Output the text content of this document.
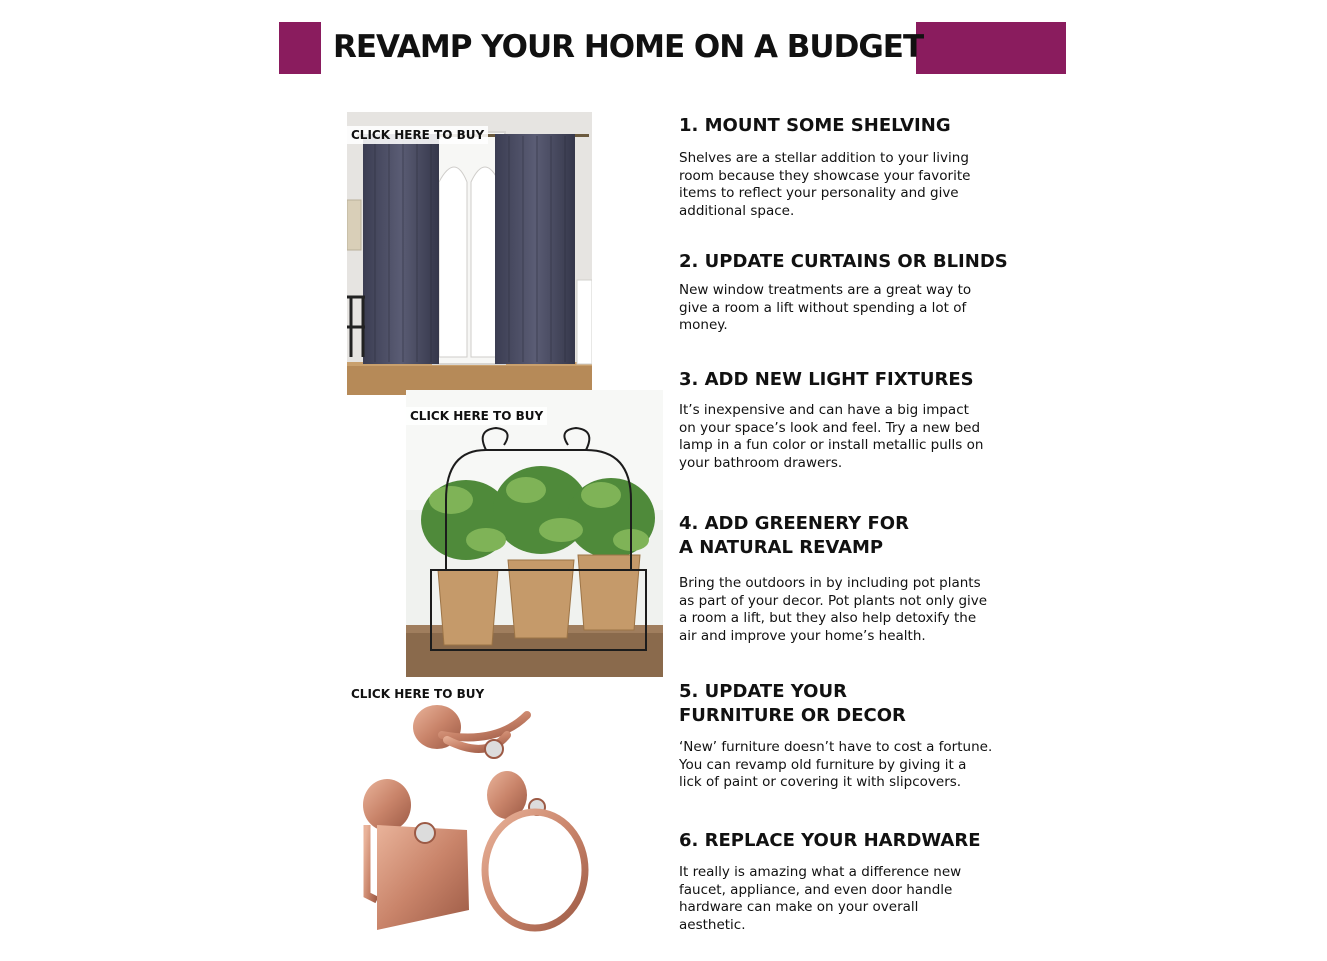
REVAMP YOUR HOME ON A BUDGET
CLICK HERE TO BUY
CLICK HERE TO BUY
CLICK HERE TO BUY
1. MOUNT SOME SHELVING

Shelves are a stellar addition to your living
room because they showcase your favorite
items to reflect your personality and give
additional space.

2. UPDATE CURTAINS OR BLINDS

New window treatments are a great way to
give a room a lift without spending a lot of
money.

3. ADD NEW LIGHT FIXTURES

It’s inexpensive and can have a big impact
on your space’s look and feel. Try a new bed
lamp in a fun color or install metallic pulls on
your bathroom drawers.

4. ADD GREENERY FOR
A NATURAL REVAMP

Bring the outdoors in by including pot plants
as part of your decor. Pot plants not only give
a room a lift, but they also help detoxify the
air and improve your home’s health.

5. UPDATE YOUR
FURNITURE OR DECOR

‘New’ furniture doesn’t have to cost a fortune.
You can revamp old furniture by giving it a
lick of paint or covering it with slipcovers.

6. REPLACE YOUR HARDWARE

It really is amazing what a difference new
faucet, appliance, and even door handle
hardware can make on your overall
aesthetic.
